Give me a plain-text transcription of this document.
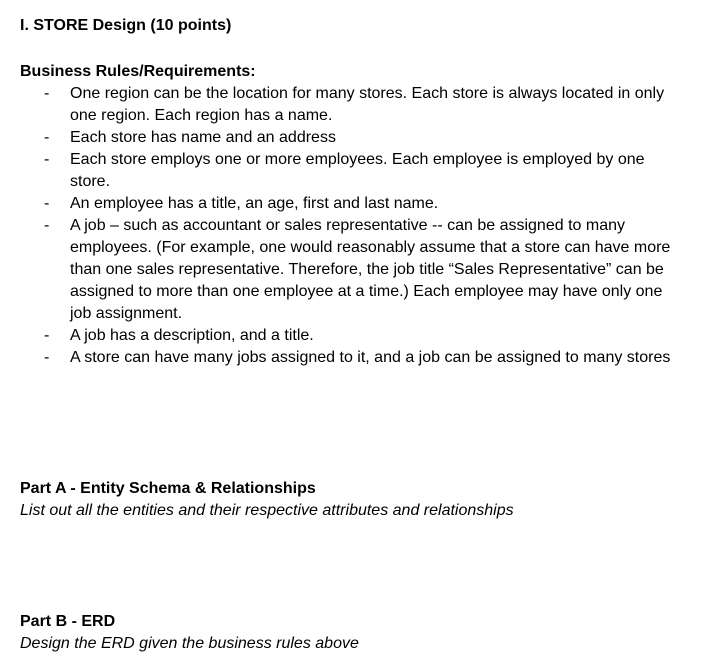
I. STORE Design (10 points)
Business Rules/Requirements:
- One region can be the location for many stores. Each store is always located in only one region. Each region has a name.
- Each store has name and an address
- Each store employs one or more employees. Each employee is employed by one store.
- An employee has a title, an age, first and last name.
- A job – such as accountant or sales representative -- can be assigned to many employees. (For example, one would reasonably assume that a store can have more than one sales representative. Therefore, the job title “Sales Representative” can be assigned to more than one employee at a time.) Each employee may have only one job assignment.
- A job has a description, and a title.
- A store can have many jobs assigned to it, and a job can be assigned to many stores
Part A - Entity Schema & Relationships
List out all the entities and their respective attributes and relationships
Part B - ERD
Design the ERD given the business rules above
